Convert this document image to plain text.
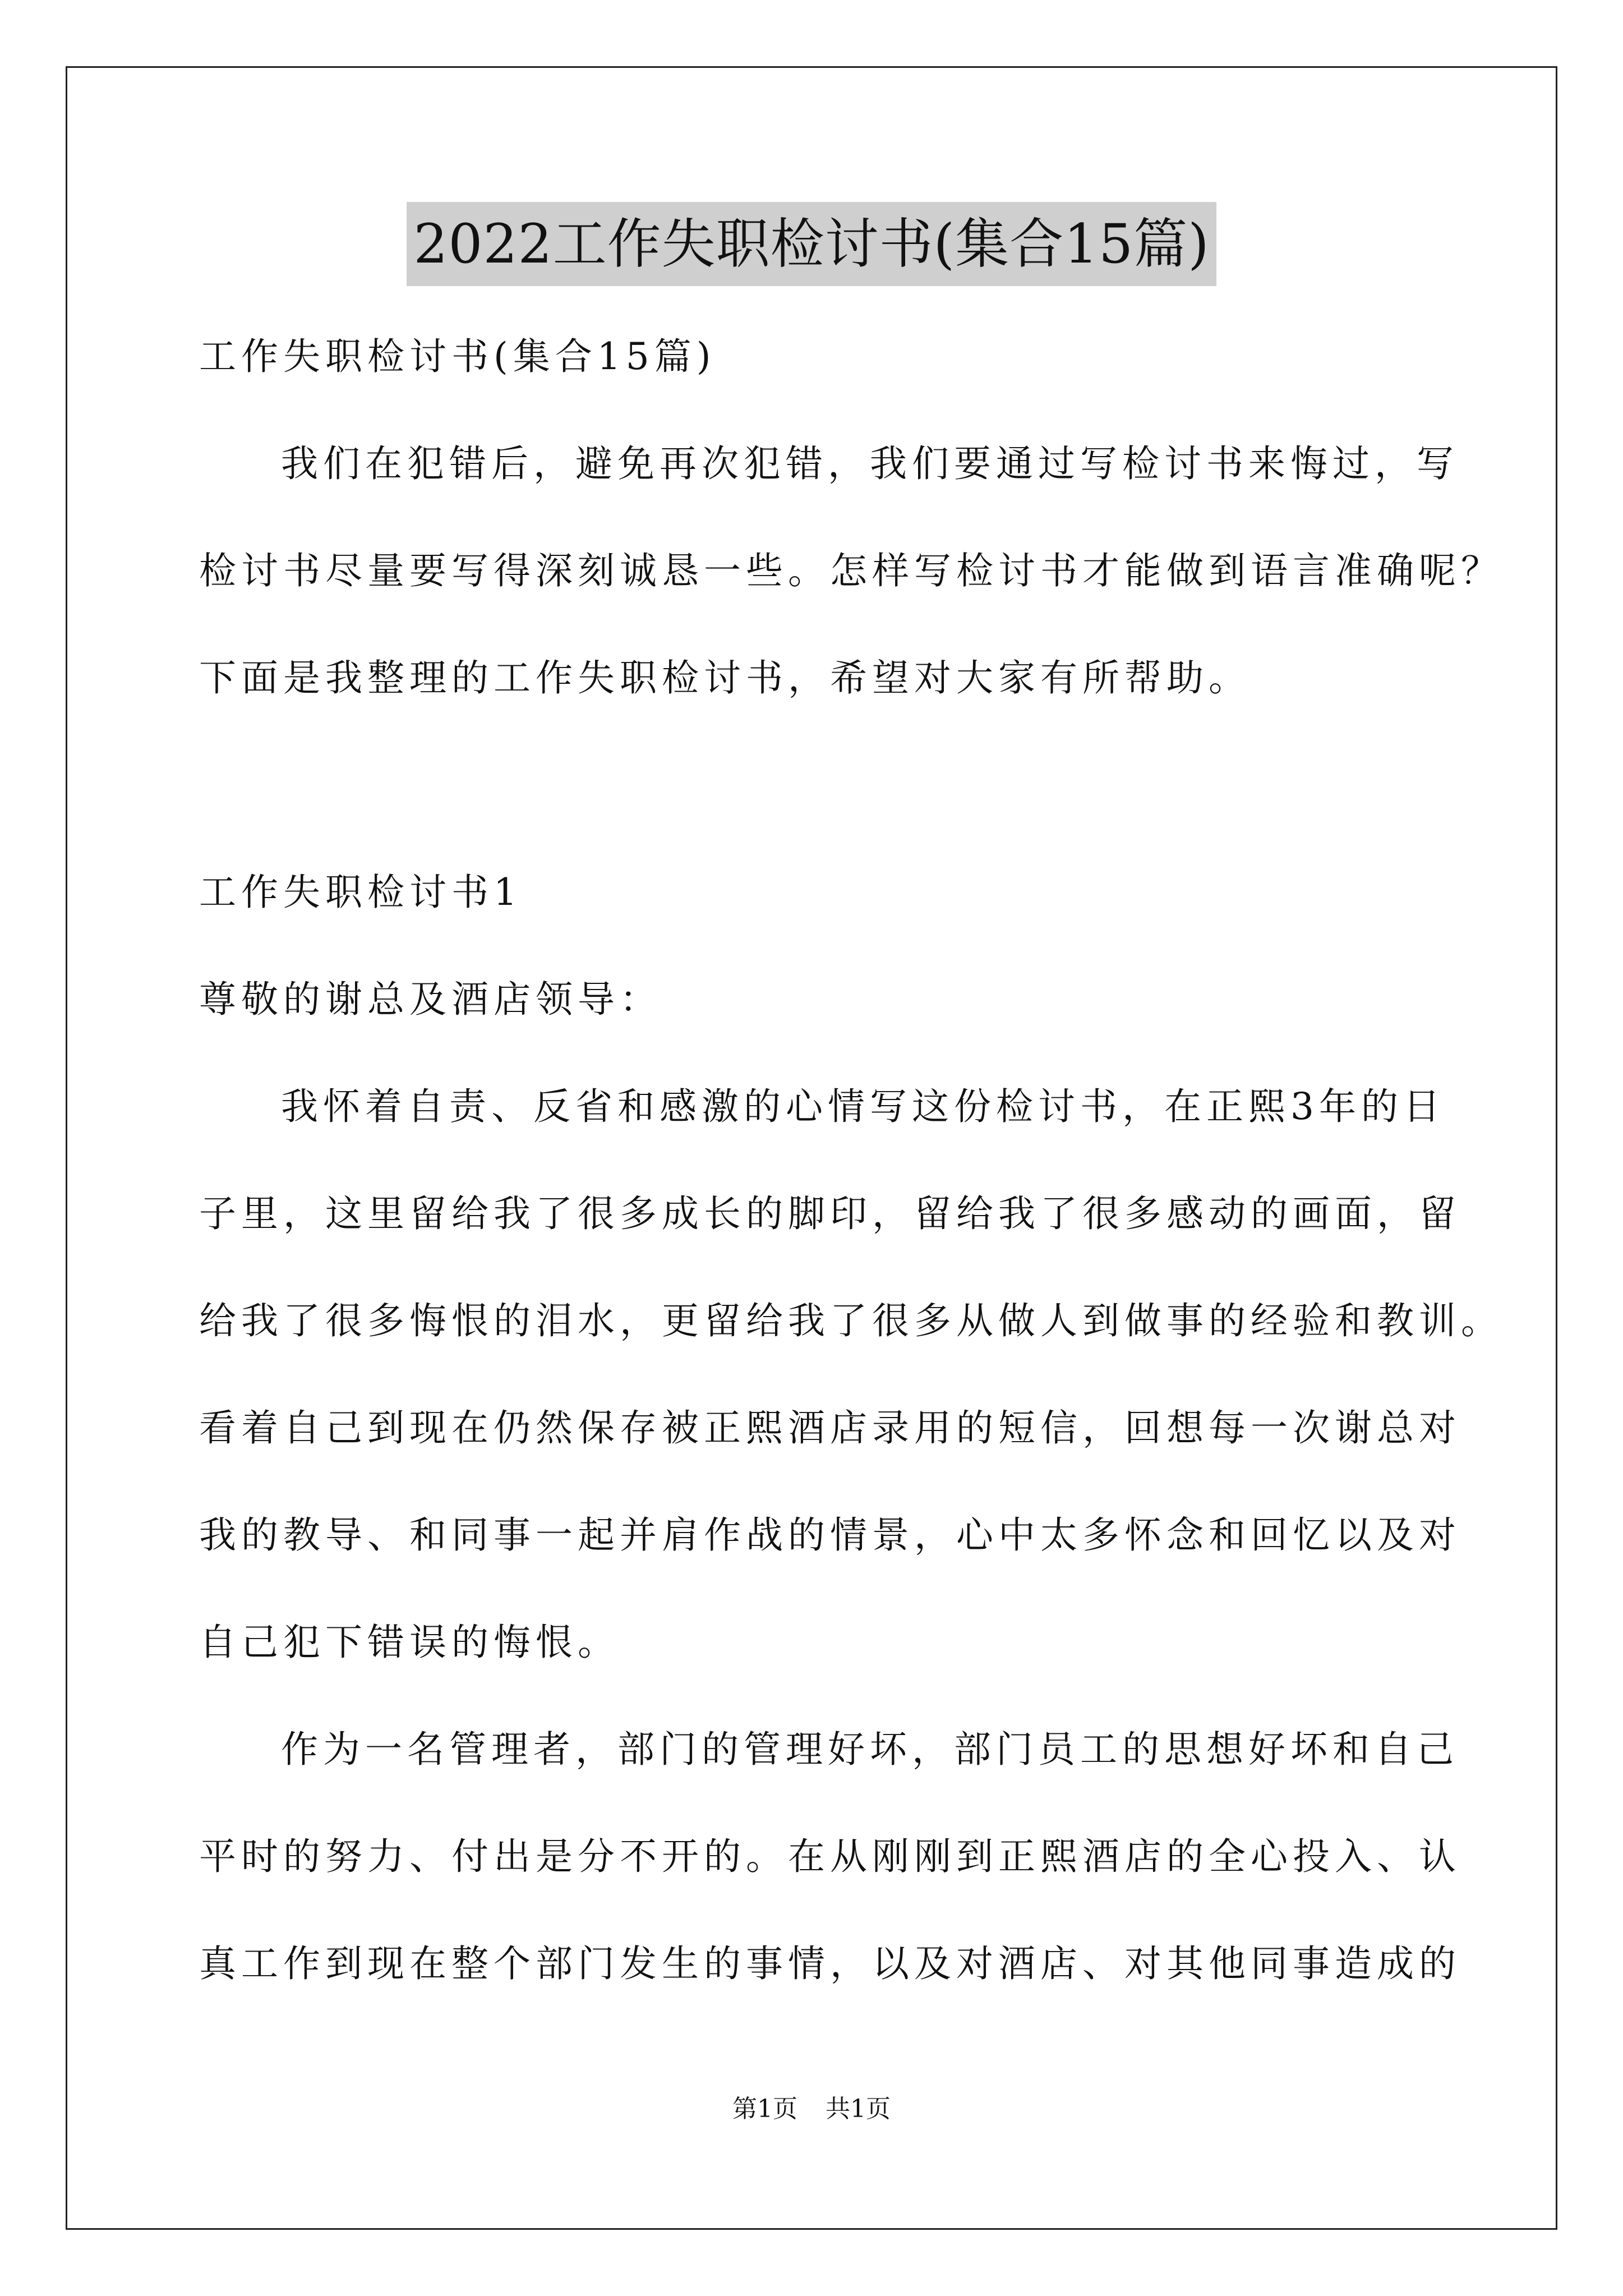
2022工作失职检讨书(集合15篇)
工作失职检讨书(集合15篇)
我们在犯错后，避免再次犯错，我们要通过写检讨书来悔过，写
检讨书尽量要写得深刻诚恳一些。怎样写检讨书才能做到语言准确呢？
下面是我整理的工作失职检讨书，希望对大家有所帮助。
工作失职检讨书1
尊敬的谢总及酒店领导：
我怀着自责、反省和感激的心情写这份检讨书，在正熙3年的日
子里，这里留给我了很多成长的脚印，留给我了很多感动的画面，留
给我了很多悔恨的泪水，更留给我了很多从做人到做事的经验和教训。
看着自己到现在仍然保存被正熙酒店录用的短信，回想每一次谢总对
我的教导、和同事一起并肩作战的情景，心中太多怀念和回忆以及对
自己犯下错误的悔恨。
作为一名管理者，部门的管理好坏，部门员工的思想好坏和自己
平时的努力、付出是分不开的。在从刚刚到正熙酒店的全心投入、认
真工作到现在整个部门发生的事情，以及对酒店、对其他同事造成的
第1页 共1页
